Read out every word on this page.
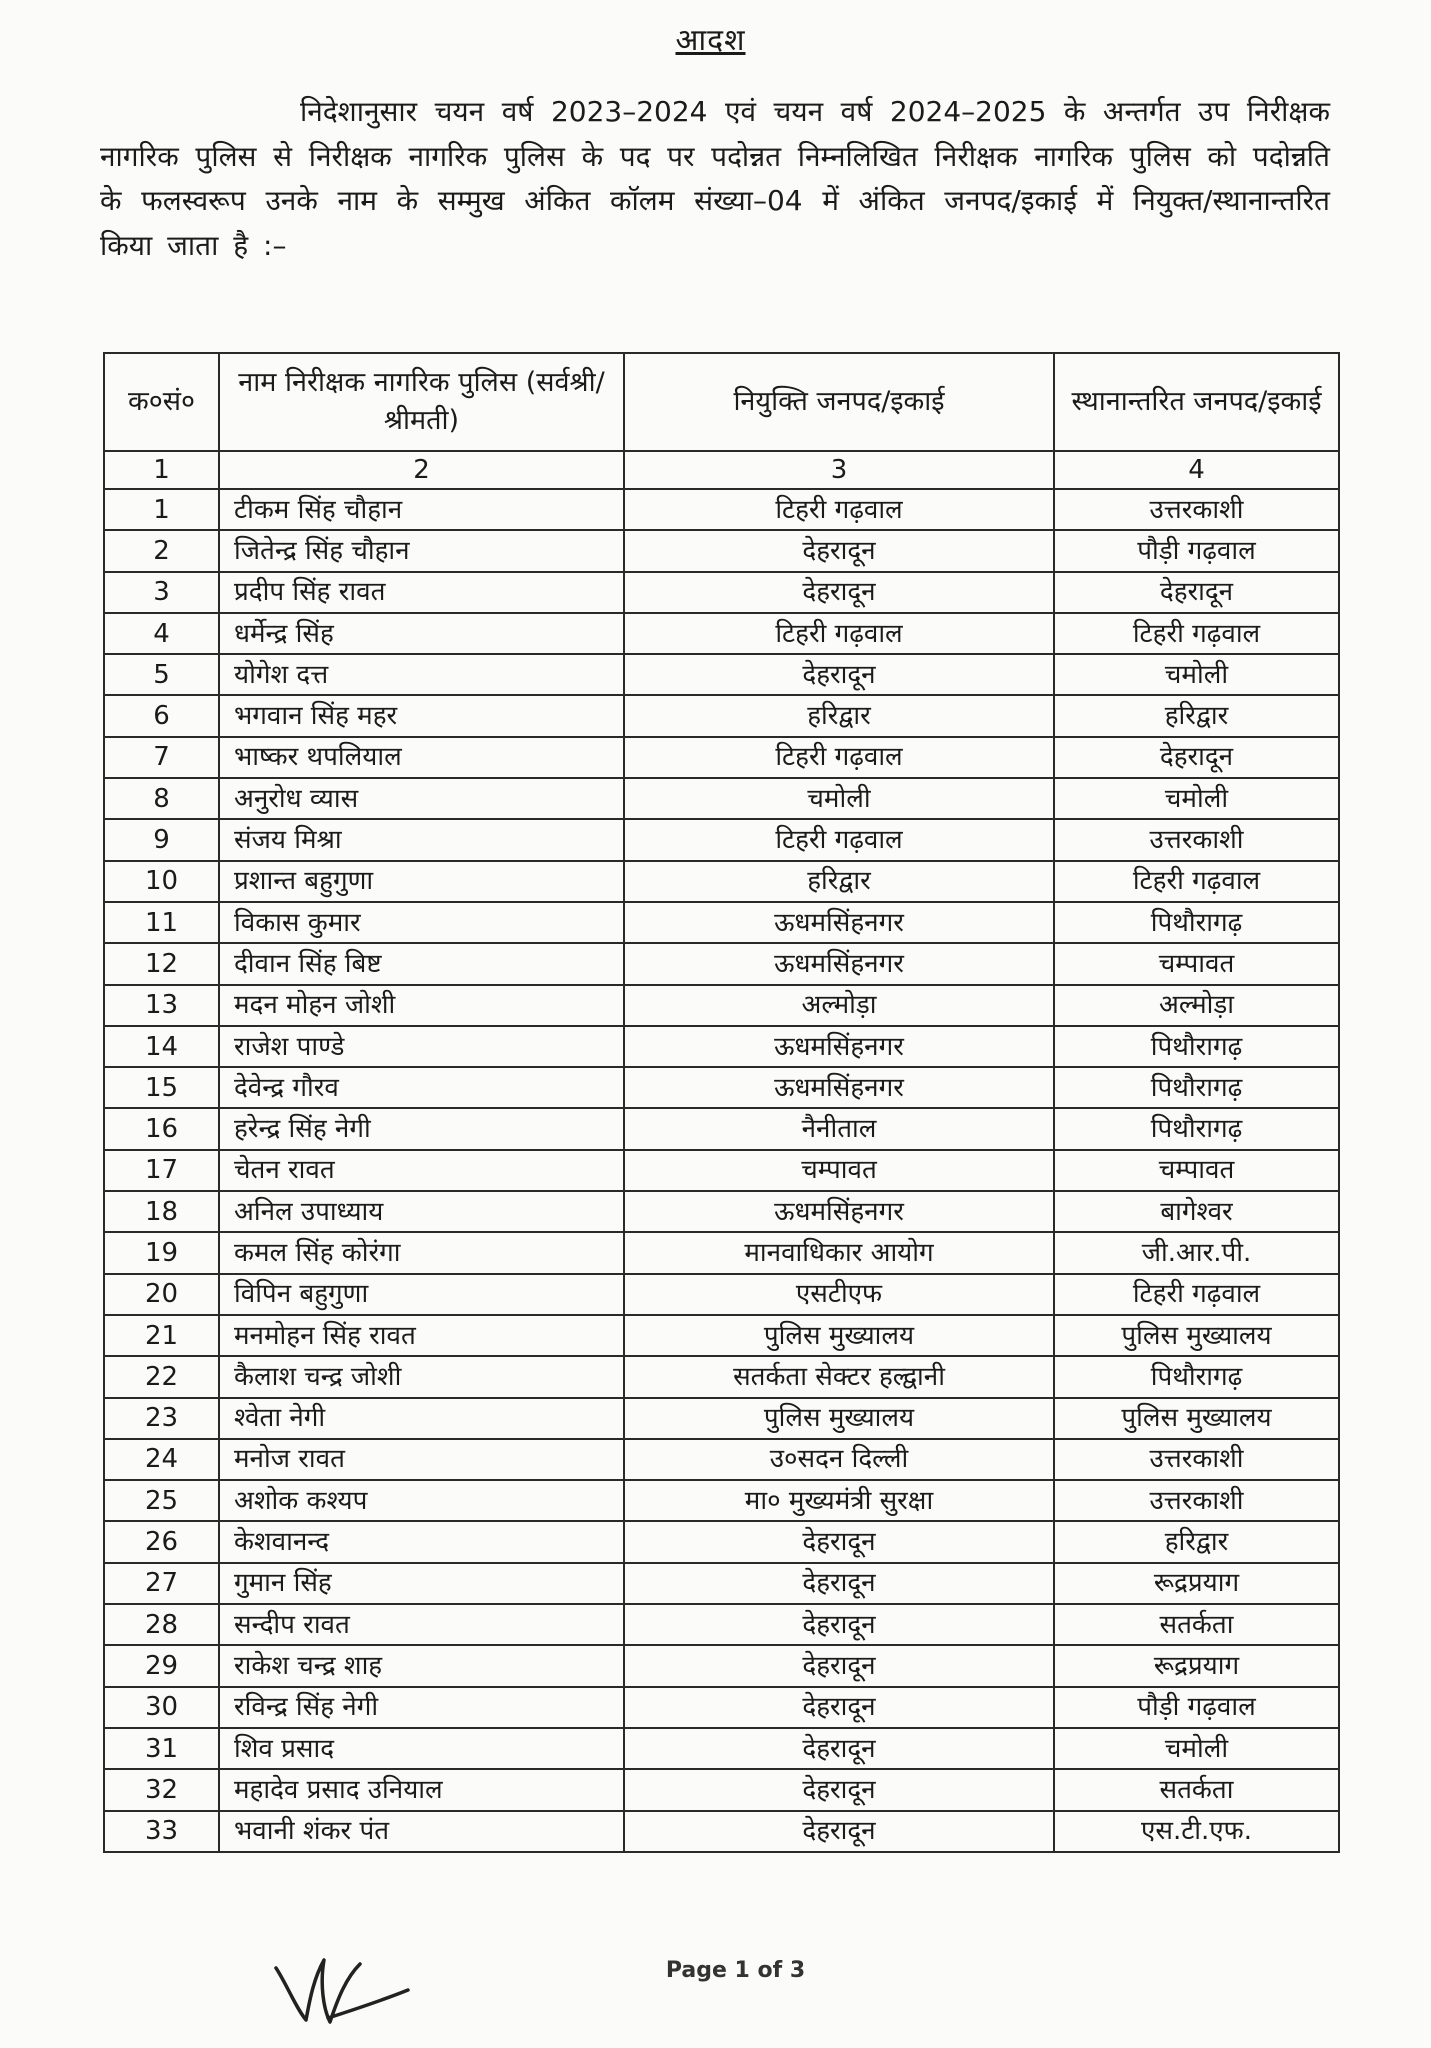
आदश
निदेशानुसार चयन वर्ष 2023–2024 एवं चयन वर्ष 2024–2025 के अन्तर्गत उप निरीक्षक नागरिक पुलिस से निरीक्षक नागरिक पुलिस के पद पर पदोन्नत निम्नलिखित निरीक्षक नागरिक पुलिस को पदोन्नति के फलस्वरूप उनके नाम के सम्मुख अंकित कॉलम संख्या–04 में अंकित जनपद/इकाई में नियुक्त/स्थानान्तरित किया जाता है :–
क०सं०	नाम निरीक्षक नागरिक पुलिस (सर्वश्री/श्रीमती)	नियुक्ति जनपद/इकाई	स्थानान्तरित जनपद/इकाई
1	2	3	4
1	टीकम सिंह चौहान	टिहरी गढ़वाल	उत्तरकाशी
2	जितेन्द्र सिंह चौहान	देहरादून	पौड़ी गढ़वाल
3	प्रदीप सिंह रावत	देहरादून	देहरादून
4	धर्मेन्द्र सिंह	टिहरी गढ़वाल	टिहरी गढ़वाल
5	योगेश दत्त	देहरादून	चमोली
6	भगवान सिंह महर	हरिद्वार	हरिद्वार
7	भाष्कर थपलियाल	टिहरी गढ़वाल	देहरादून
8	अनुरोध व्यास	चमोली	चमोली
9	संजय मिश्रा	टिहरी गढ़वाल	उत्तरकाशी
10	प्रशान्त बहुगुणा	हरिद्वार	टिहरी गढ़वाल
11	विकास कुमार	ऊधमसिंहनगर	पिथौरागढ़
12	दीवान सिंह बिष्ट	ऊधमसिंहनगर	चम्पावत
13	मदन मोहन जोशी	अल्मोड़ा	अल्मोड़ा
14	राजेश पाण्डे	ऊधमसिंहनगर	पिथौरागढ़
15	देवेन्द्र गौरव	ऊधमसिंहनगर	पिथौरागढ़
16	हरेन्द्र सिंह नेगी	नैनीताल	पिथौरागढ़
17	चेतन रावत	चम्पावत	चम्पावत
18	अनिल उपाध्याय	ऊधमसिंहनगर	बागेश्वर
19	कमल सिंह कोरंगा	मानवाधिकार आयोग	जी.आर.पी.
20	विपिन बहुगुणा	एसटीएफ	टिहरी गढ़वाल
21	मनमोहन सिंह रावत	पुलिस मुख्यालय	पुलिस मुख्यालय
22	कैलाश चन्द्र जोशी	सतर्कता सेक्टर हल्द्वानी	पिथौरागढ़
23	श्वेता नेगी	पुलिस मुख्यालय	पुलिस मुख्यालय
24	मनोज रावत	उ०सदन दिल्ली	उत्तरकाशी
25	अशोक कश्यप	मा० मुख्यमंत्री सुरक्षा	उत्तरकाशी
26	केशवानन्द	देहरादून	हरिद्वार
27	गुमान सिंह	देहरादून	रूद्रप्रयाग
28	सन्दीप रावत	देहरादून	सतर्कता
29	राकेश चन्द्र शाह	देहरादून	रूद्रप्रयाग
30	रविन्द्र सिंह नेगी	देहरादून	पौड़ी गढ़वाल
31	शिव प्रसाद	देहरादून	चमोली
32	महादेव प्रसाद उनियाल	देहरादून	सतर्कता
33	भवानी शंकर पंत	देहरादून	एस.टी.एफ.
Page 1 of 3
